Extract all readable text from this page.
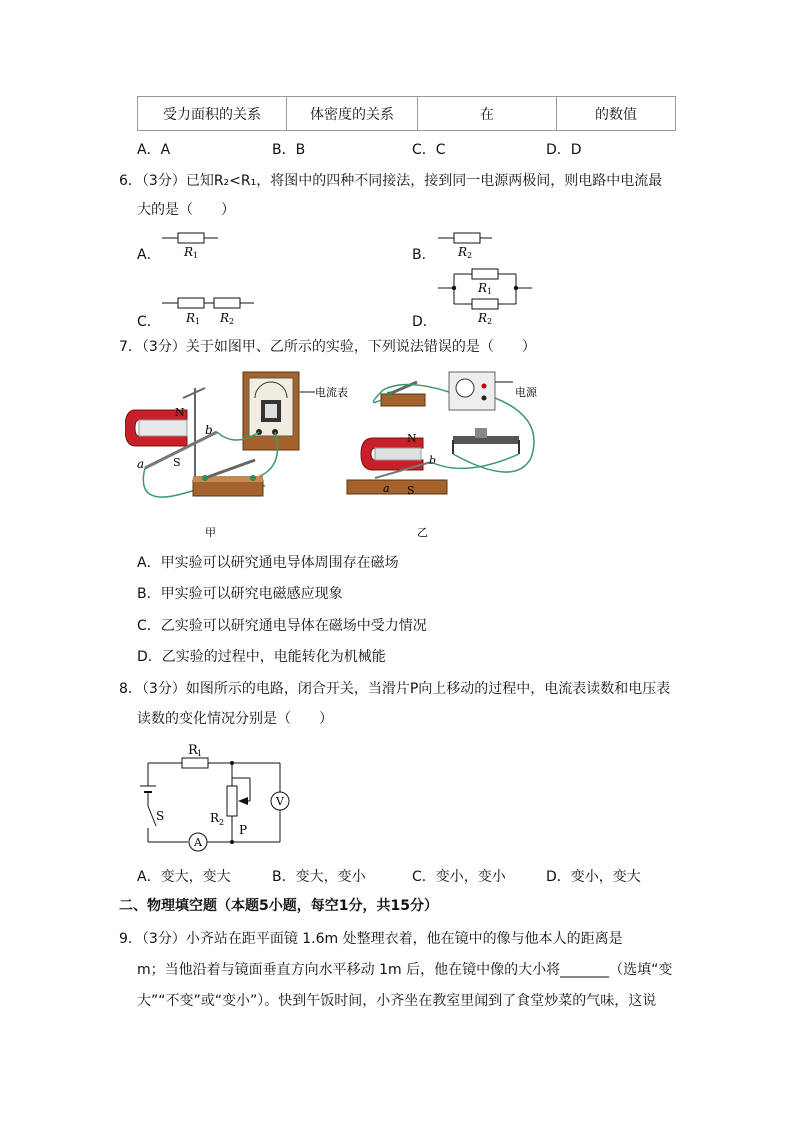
受力面积的关系	体密度的关系	在	的数值
A．A	B．B	C．C	D．D
6．（3分）已知R₂<R₁，将图中的四种不同接法，接到同一电源两极间，则电路中电流最
大的是（　　）
A． R 1	B． R 2
C． R 1 R 2	D．
R 1
R 2
7．（3分）关于如图甲、乙所示的实验，下列说法错误的是（　　）
N
S
a
b
电流表
甲
电源
N
S
a
b
乙
A．甲实验可以研究通电导体周围存在磁场
B．甲实验可以研究电磁感应现象
C．乙实验可以研究通电导体在磁场中受力情况
D．乙实验的过程中，电能转化为机械能
8．（3分）如图所示的电路，闭合开关，当滑片P向上移动的过程中，电流表读数和电压表
读数的变化情况分别是（　　）
R 1
S
A
R 2
P
V
A．变大，变大	B．变大，变小	C．变小，变小	D．变小，变大
二、物理填空题（本题5小题，每空1分，共15分）
9．（3分）小齐站在距平面镜 1.6m 处整理衣着，他在镜中的像与他本人的距离是
m；当他沿着与镜面垂直方向水平移动 1m 后，他在镜中像的大小将_______（选填“变
大”“不变”或“变小”）。快到午饭时间，小齐坐在教室里闻到了食堂炒菜的气味，这说
